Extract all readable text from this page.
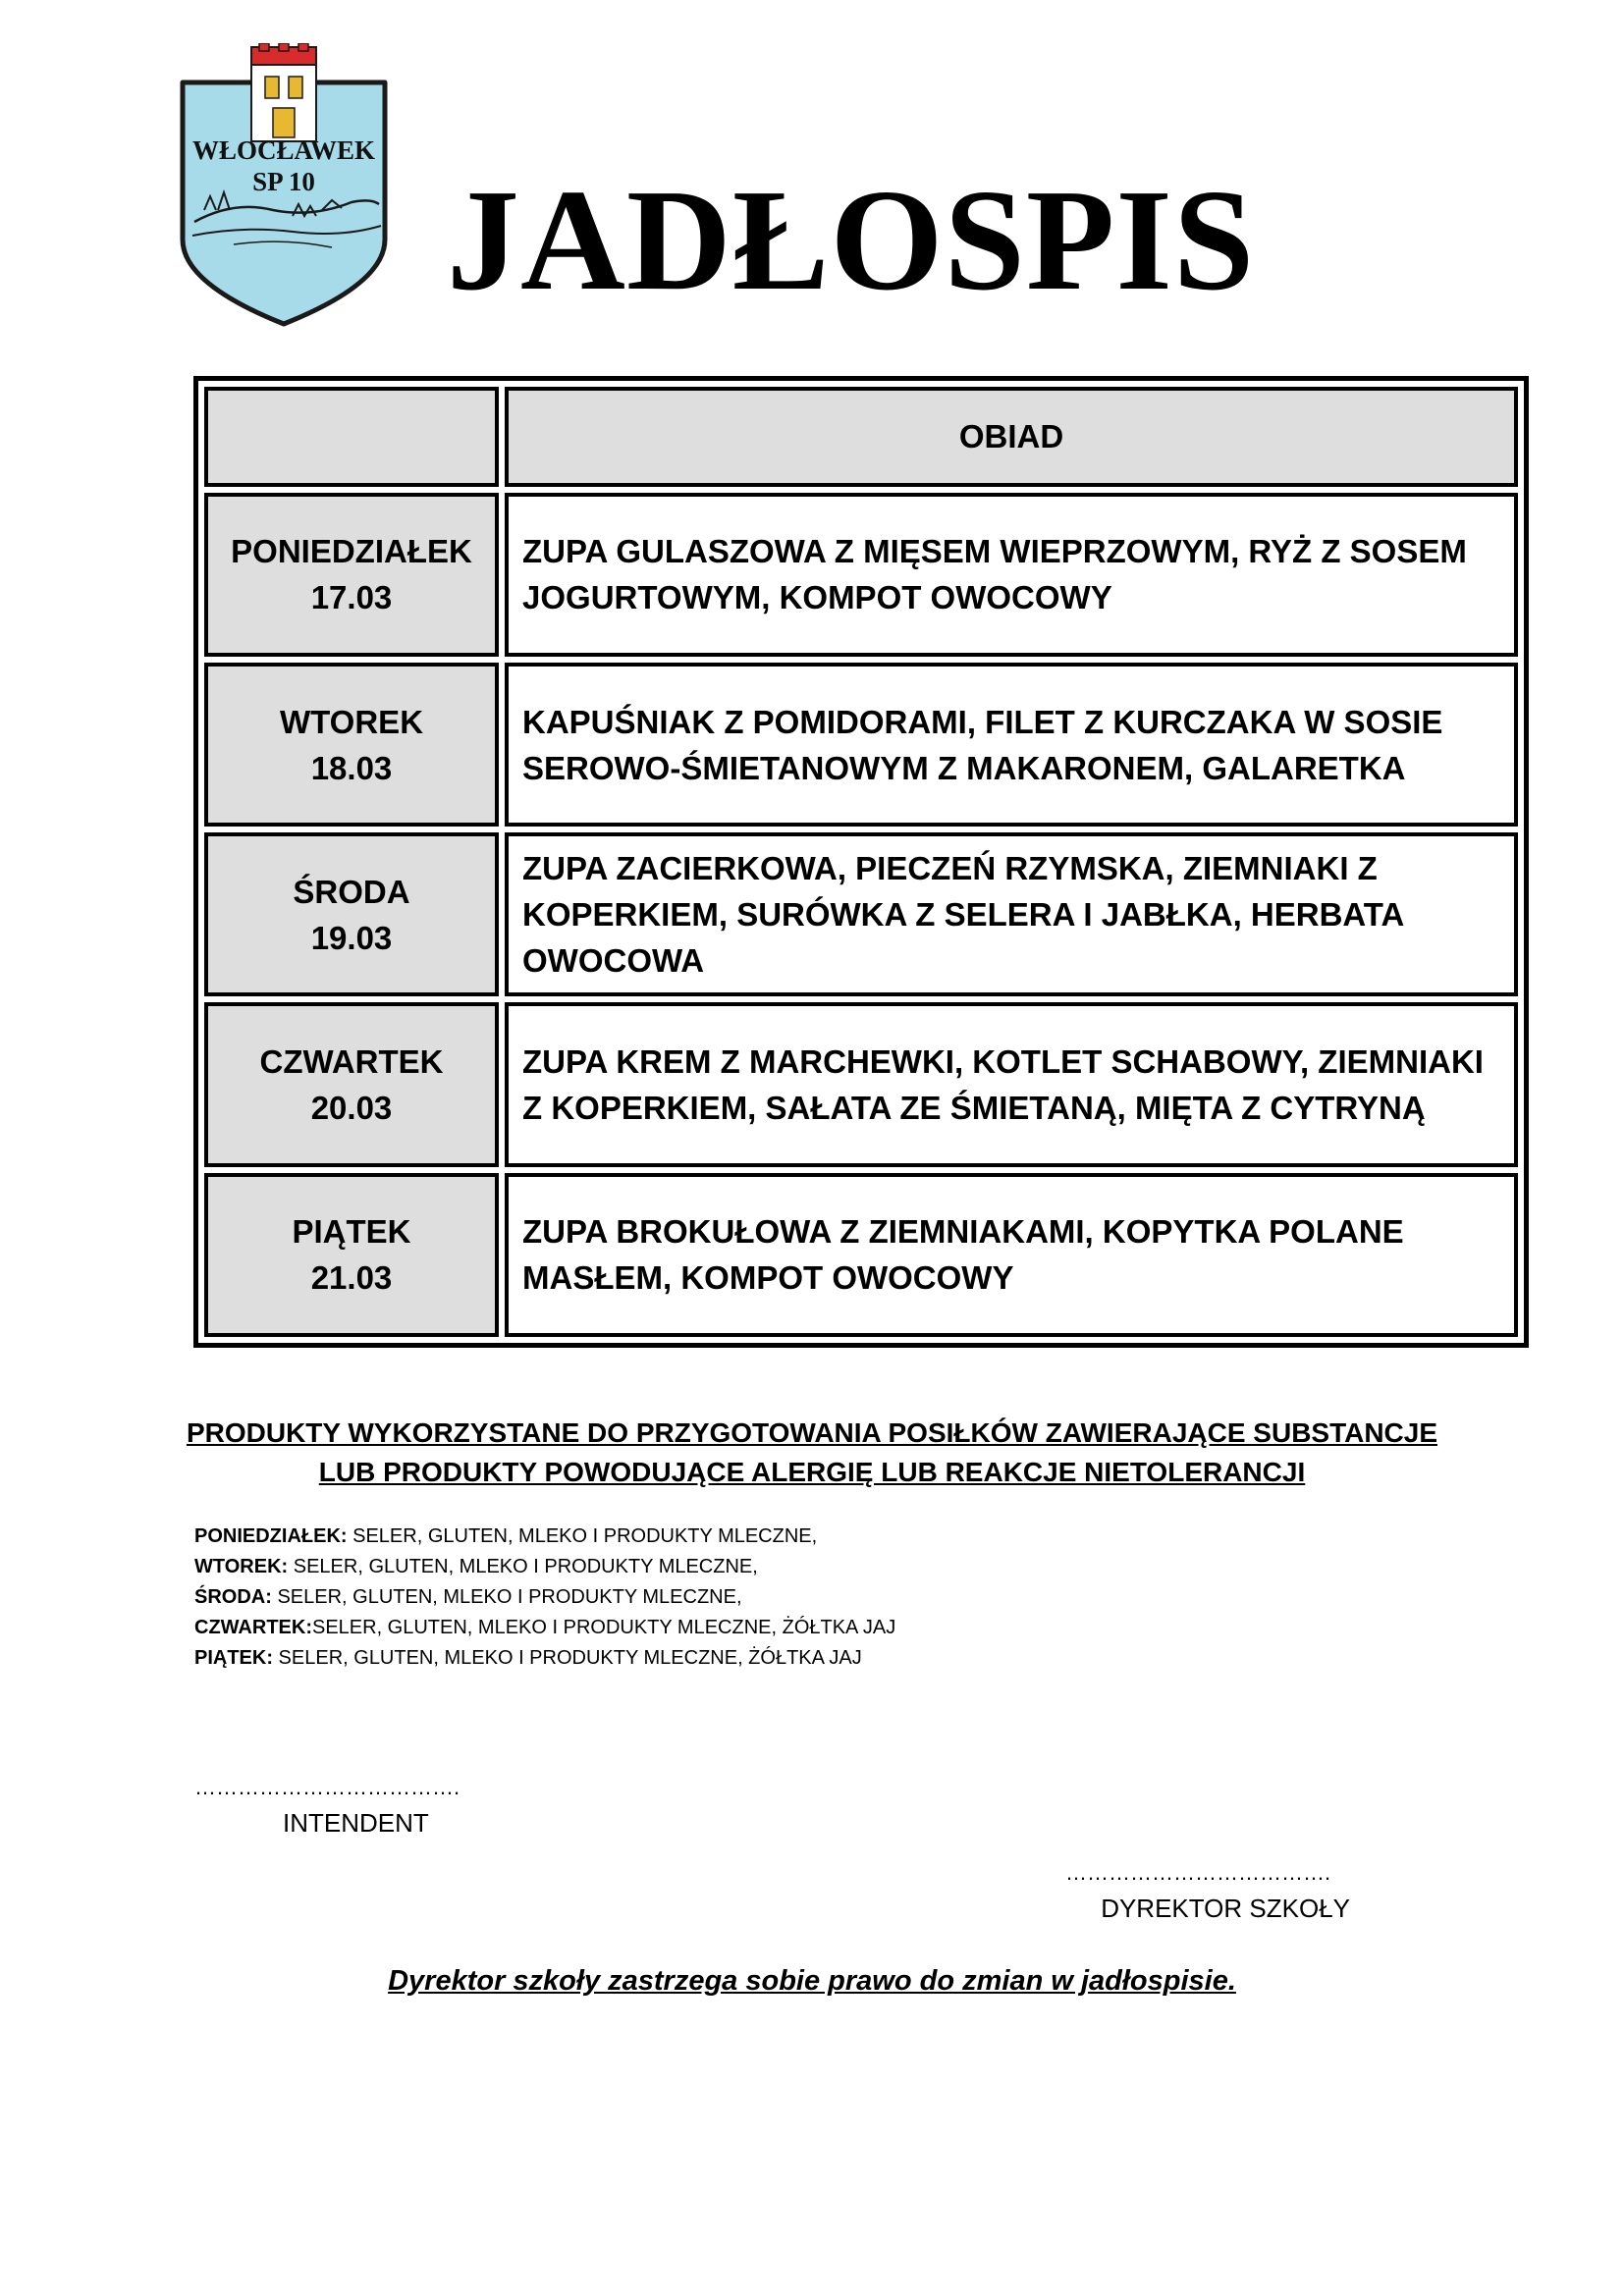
WŁOCŁAWEK
SP 10 JADŁOSPIS
	OBIAD

PONIEDZIAŁEK
17.03	ZUPA GULASZOWA Z MIĘSEM WIEPRZOWYM, RYŻ Z SOSEM JOGURTOWYM, KOMPOT OWOCOWY

WTOREK
18.03	KAPUŚNIAK Z POMIDORAMI, FILET Z KURCZAKA W SOSIE SEROWO-ŚMIETANOWYM Z MAKARONEM, GALARETKA

ŚRODA
19.03	ZUPA ZACIERKOWA, PIECZEŃ RZYMSKA, ZIEMNIAKI Z KOPERKIEM, SURÓWKA Z SELERA I JABŁKA, HERBATA OWOCOWA

CZWARTEK
20.03	ZUPA KREM Z MARCHEWKI, KOTLET SCHABOWY, ZIEMNIAKI Z KOPERKIEM, SAŁATA ZE ŚMIETANĄ, MIĘTA Z CYTRYNĄ

PIĄTEK
21.03	ZUPA BROKUŁOWA Z ZIEMNIAKAMI, KOPYTKA POLANE MASŁEM, KOMPOT OWOCOWY
PRODUKTY WYKORZYSTANE DO PRZYGOTOWANIA POSIŁKÓW ZAWIERAJĄCE SUBSTANCJE
LUB PRODUKTY POWODUJĄCE ALERGIĘ LUB REAKCJE NIETOLERANCJI
PONIEDZIAŁEK: SELER, GLUTEN, MLEKO I PRODUKTY MLECZNE,
WTOREK: SELER, GLUTEN, MLEKO I PRODUKTY MLECZNE,
ŚRODA: SELER, GLUTEN, MLEKO I PRODUKTY MLECZNE,
CZWARTEK:SELER, GLUTEN, MLEKO I PRODUKTY MLECZNE, ŻÓŁTKA JAJ
PIĄTEK: SELER, GLUTEN, MLEKO I PRODUKTY MLECZNE, ŻÓŁTKA JAJ
……………………………….
INTENDENT
……………………………….
DYREKTOR SZKOŁY

Dyrektor szkoły zastrzega sobie prawo do zmian w jadłospisie.
